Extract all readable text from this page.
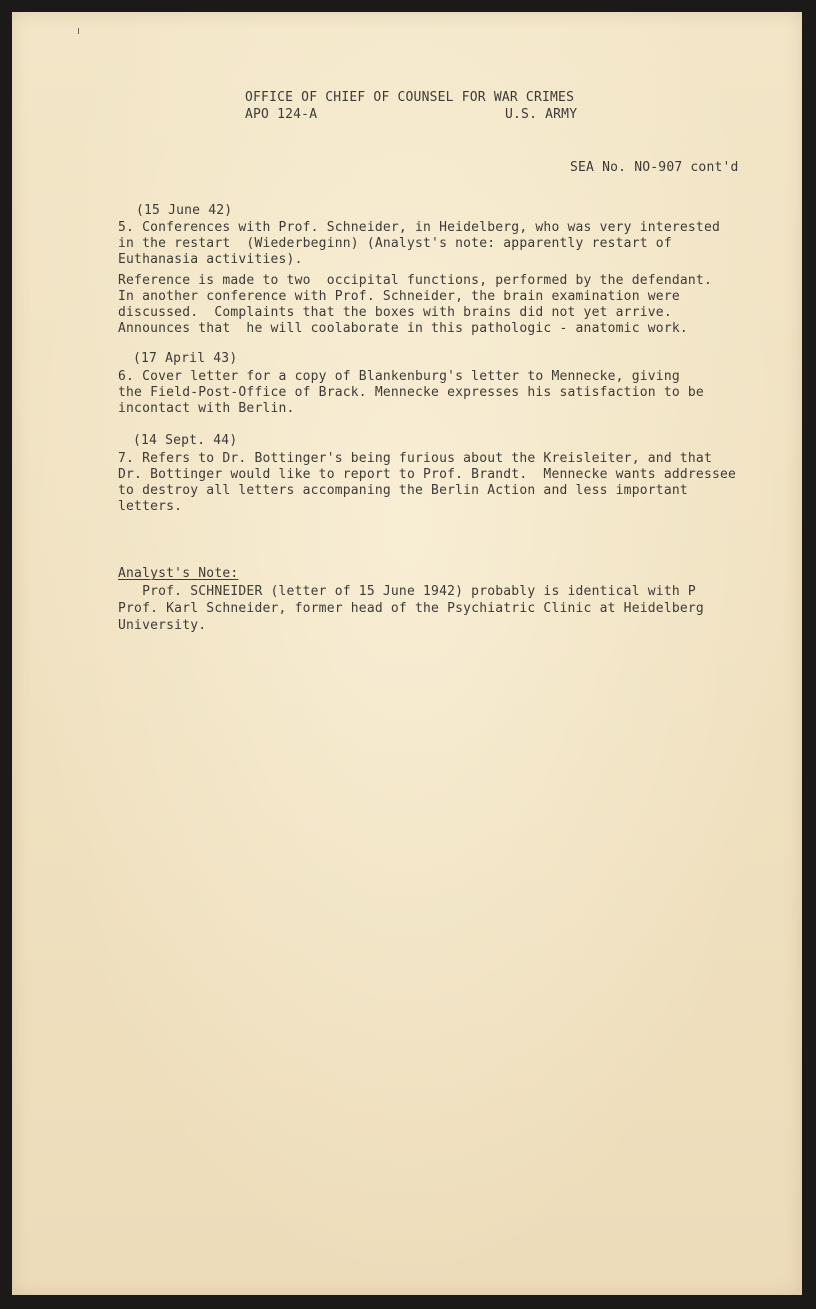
OFFICE OF CHIEF OF COUNSEL FOR WAR CRIMES
APO 124-A	U.S. ARMY
SEA No. NO-907 cont'd
(15 June 42)
5. Conferences with Prof. Schneider, in Heidelberg, who was very interested
in the restart  (Wiederbeginn) (Analyst's note: apparently restart of
Euthanasia activities).
Reference is made to two  occipital functions, performed by the defendant.
In another conference with Prof. Schneider, the brain examination were
discussed.  Complaints that the boxes with brains did not yet arrive.
Announces that  he will coolaborate in this pathologic - anatomic work.
(17 April 43)
6. Cover letter for a copy of Blankenburg's letter to Mennecke, giving
the Field-Post-Office of Brack. Mennecke expresses his satisfaction to be
incontact with Berlin.
(14 Sept. 44)
7. Refers to Dr. Bottinger's being furious about the Kreisleiter, and that
Dr. Bottinger would like to report to Prof. Brandt.  Mennecke wants addressee
to destroy all letters accompaning the Berlin Action and less important
letters.
Analyst's Note:
Prof. SCHNEIDER (letter of 15 June 1942) probably is identical with P
Prof. Karl Schneider, former head of the Psychiatric Clinic at Heidelberg
University.
